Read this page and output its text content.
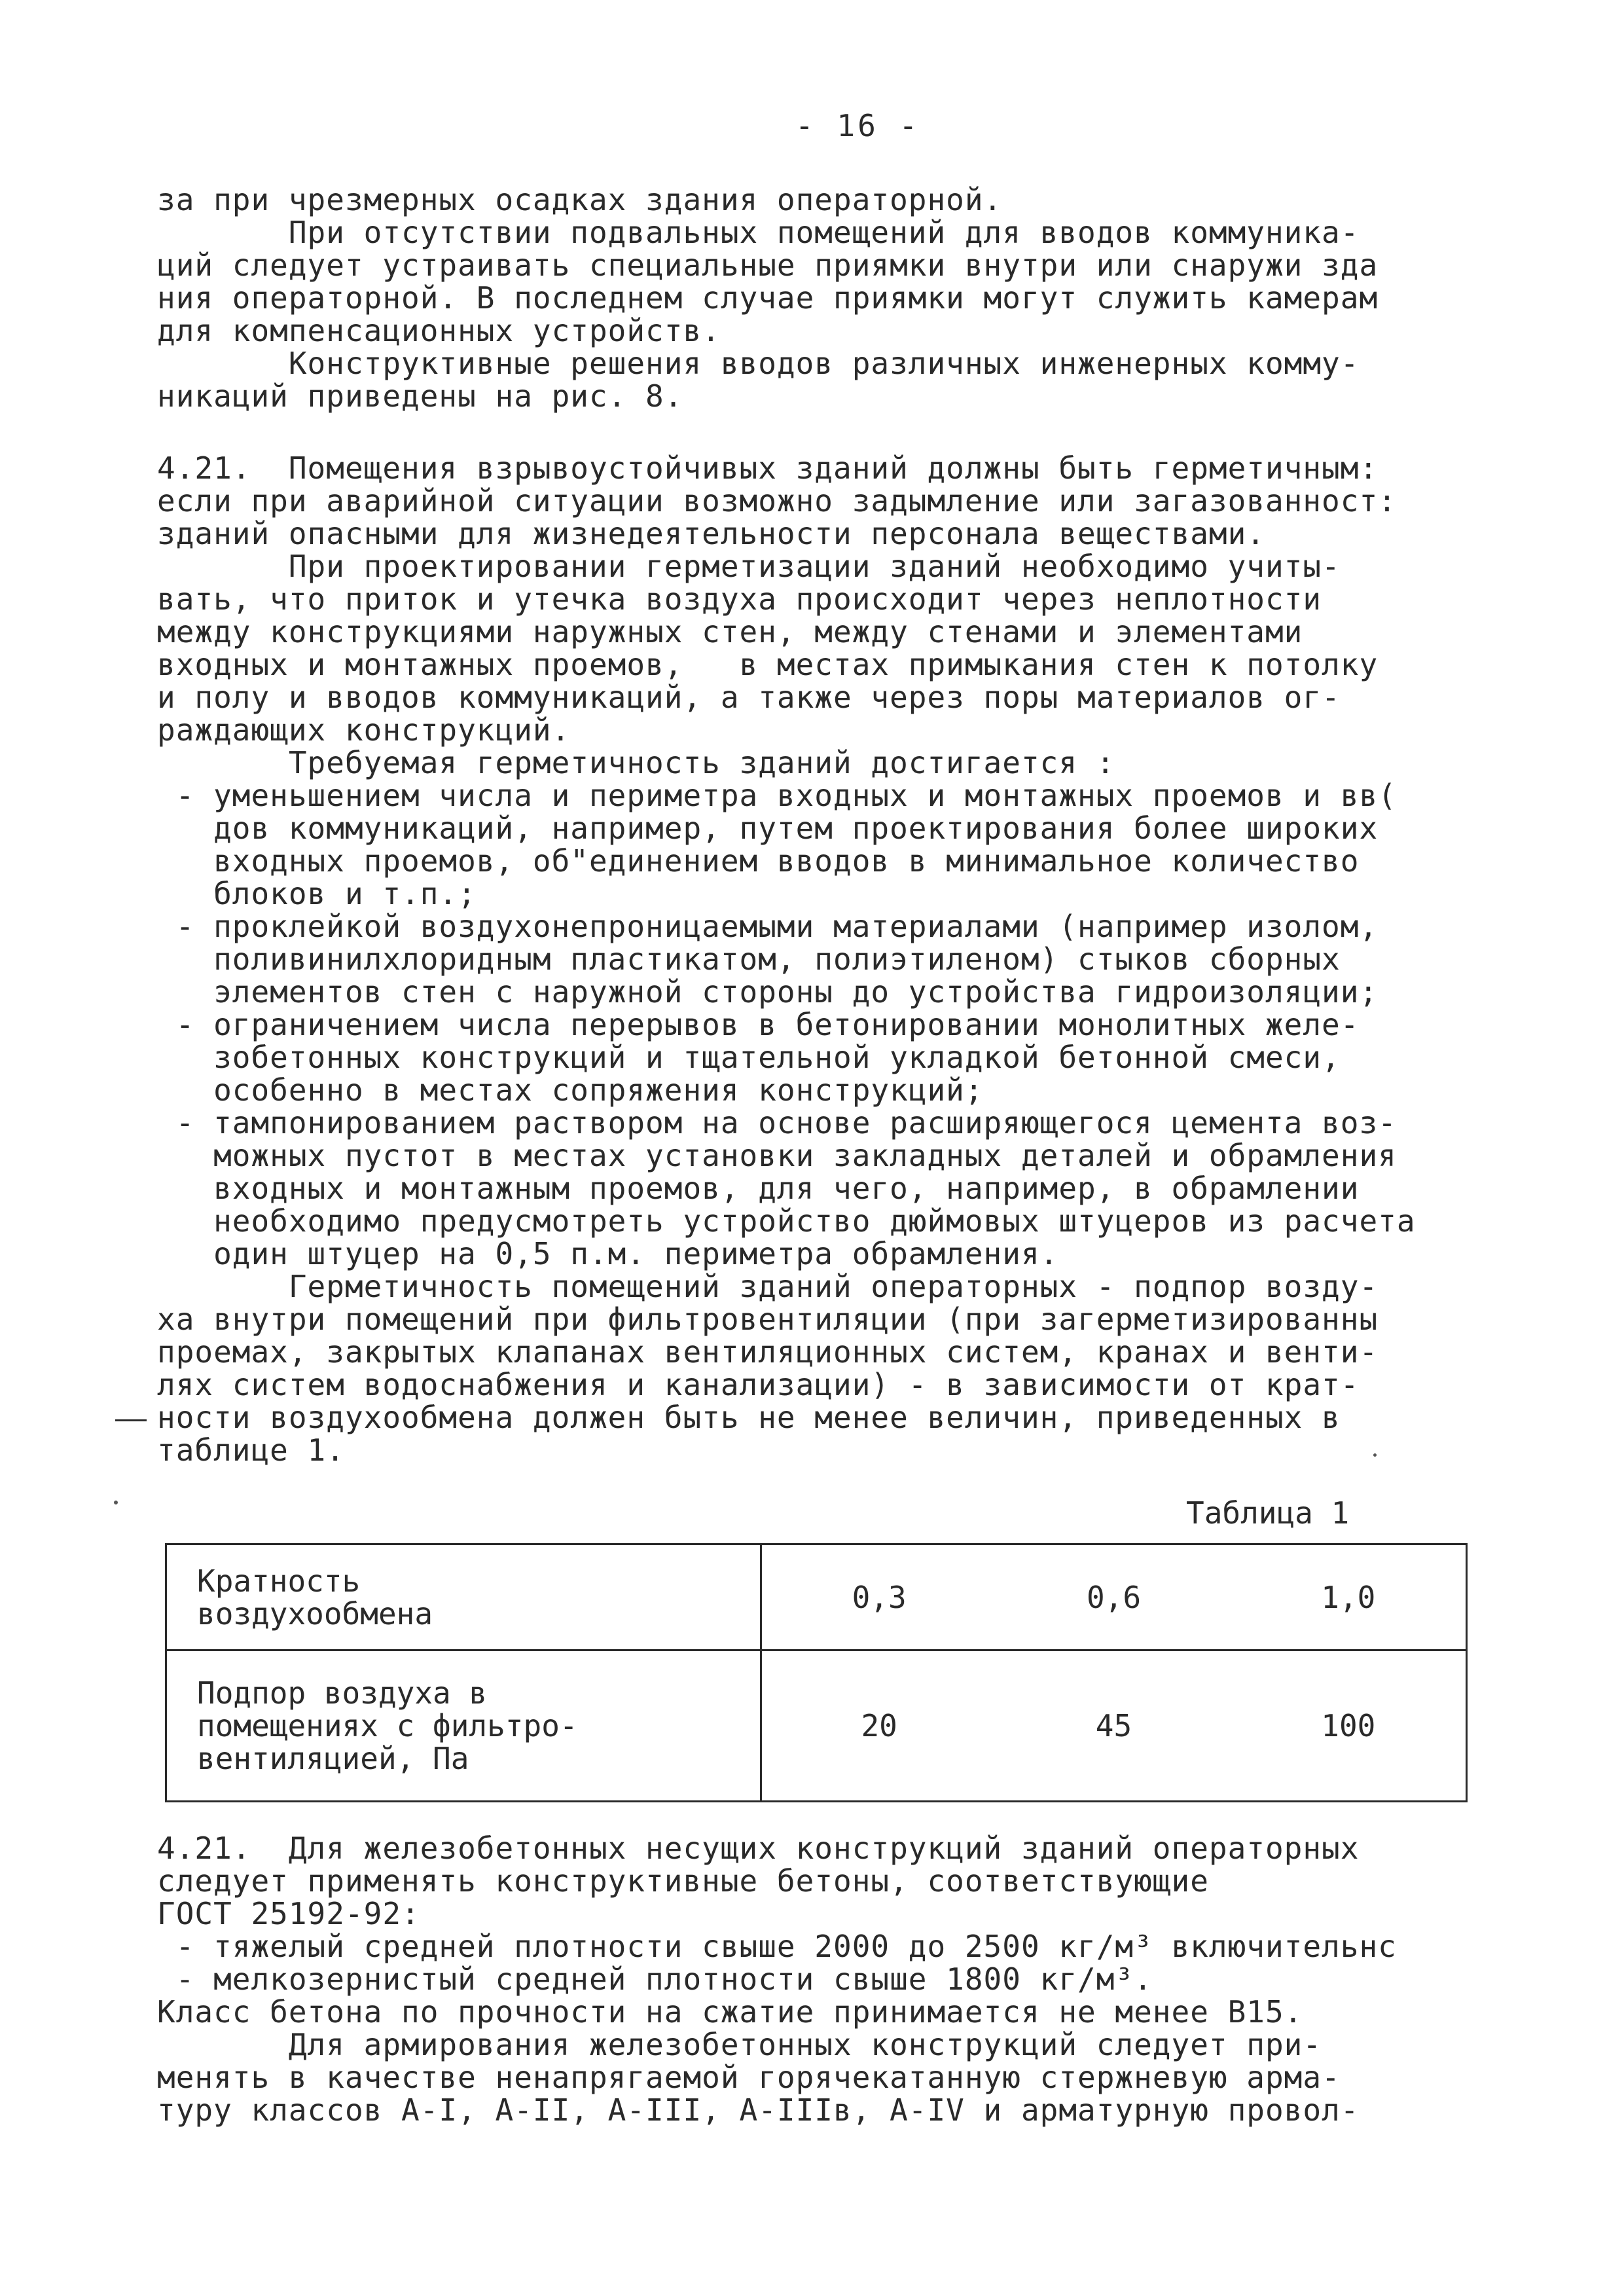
- 16 -
за при чрезмерных осадках здания операторной.
При отсутствии подвальных помещений для вводов коммуника-
ций следует устраивать специальные приямки внутри или снаружи зда
ния операторной. В последнем случае приямки могут служить камерам
для компенсационных устройств.
Конструктивные решения вводов различных инженерных комму-
никаций приведены на рис. 8.
4.21.  Помещения взрывоустойчивых зданий должны быть герметичным:
если при аварийной ситуации возможно задымление или загазованност:
зданий опасными для жизнедеятельности персонала веществами.
При проектировании герметизации зданий необходимо учиты-
вать, что приток и утечка воздуха происходит через неплотности
между конструкциями наружных стен, между стенами и элементами
входных и монтажных проемов,   в местах примыкания стен к потолку
и полу и вводов коммуникаций, а также через поры материалов ог-
раждающих конструкций.
Требуемая герметичность зданий достигается :
- уменьшением числа и периметра входных и монтажных проемов и вв(
дов коммуникаций, например, путем проектирования более широких
входных проемов, об"единением вводов в минимальное количество
блоков и т.п.;
- проклейкой воздухонепроницаемыми материалами (например изолом,
поливинилхлоридным пластикатом, полиэтиленом) стыков сборных
элементов стен с наружной стороны до устройства гидроизоляции;
- ограничением числа перерывов в бетонировании монолитных желе-
зобетонных конструкций и тщательной укладкой бетонной смеси,
особенно в местах сопряжения конструкций;
- тампонированием раствором на основе расширяющегося цемента воз-
можных пустот в местах установки закладных деталей и обрамления
входных и монтажным проемов, для чего, например, в обрамлении
необходимо предусмотреть устройство дюймовых штуцеров из расчета
один штуцер на 0,5 п.м. периметра обрамления.
Герметичность помещений зданий операторных - подпор возду-
ха внутри помещений при фильтровентиляции (при загерметизированны
проемах, закрытых клапанах вентиляционных систем, кранах и венти-
лях систем водоснабжения и канализации) - в зависимости от крат-
ности воздухообмена должен быть не менее величин, приведенных в
таблице 1.
Таблица 1
Кратность
воздухообмена	0,3 0,6 1,0

Подпор воздуха в
помещениях с фильтро-
вентиляцией, Па	20 45 100
4.21.  Для железобетонных несущих конструкций зданий операторных
следует применять конструктивные бетоны, соответствующие
ГОСТ 25192-92:
- тяжелый средней плотности свыше 2000 до 2500 кг/м³ включительнс
- мелкозернистый средней плотности свыше 1800 кг/м³.
Класс бетона по прочности на сжатие принимается не менее В15.
Для армирования железобетонных конструкций следует при-
менять в качестве ненапрягаемой горячекатанную стержневую арма-
туру классов А-I, А-II, А-III, А-IIIв, А-IV и арматурную провол-
